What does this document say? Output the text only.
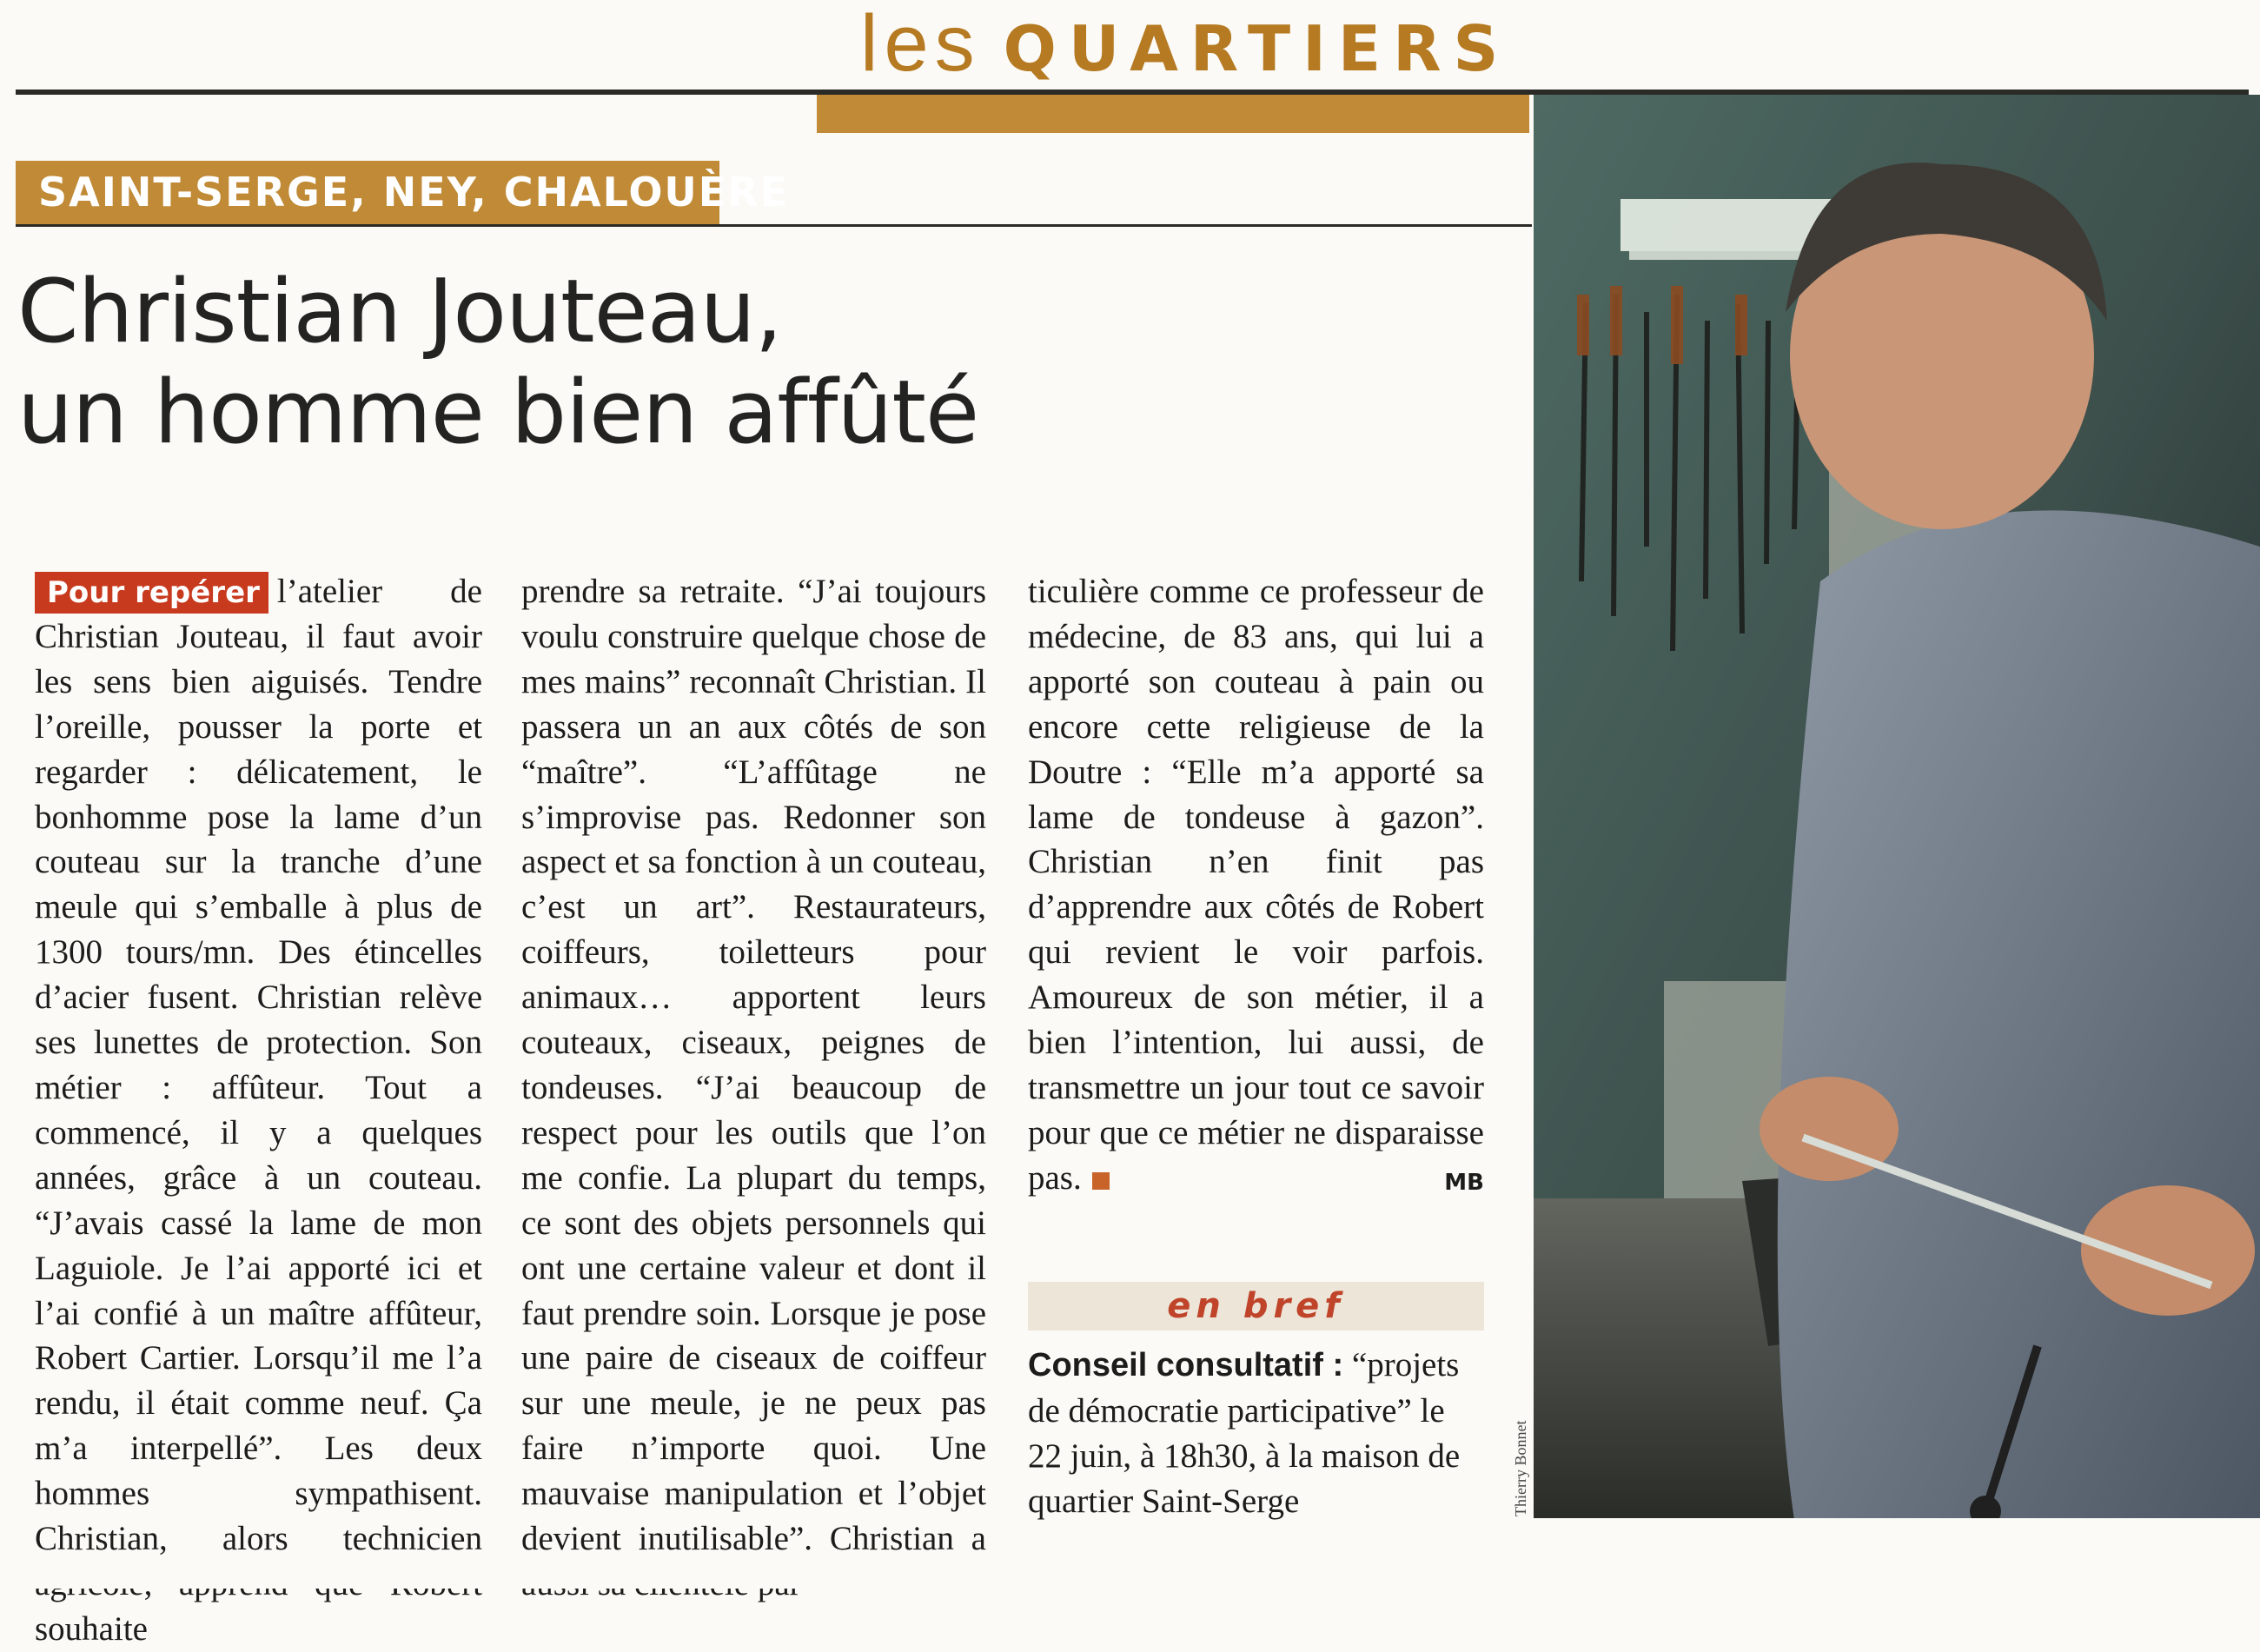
les QUARTIERS
SAINT-SERGE, NEY, CHALOUÈRE
Christian Jouteau,
un homme bien affûté
Pour repérer l’atelier de Christian Jouteau, il faut avoir les sens bien aiguisés. Tendre l’oreille, pousser la porte et regarder : délicatement, le bonhomme pose la lame d’un couteau sur la tranche d’une meule qui s’emballe à plus de 1300 tours/mn. Des étincelles d’acier fusent. Christian relève ses lunettes de protection. Son métier : affûteur. Tout a commencé, il y a quelques années, grâce à un couteau. “J’avais cassé la lame de mon Laguiole. Je l’ai apporté ici et l’ai confié à un maître affûteur, Robert Cartier. Lorsqu’il me l’a rendu, il était comme neuf. Ça m’a interpellé”. Les deux hommes sympathisent. Christian, alors technicien souhaite
prendre sa retraite. “J’ai toujours voulu construire quelque chose de mes mains” reconnaît Christian. Il passera un an aux côtés de son “maître”. “L’affûtage ne s’improvise pas. Redonner son aspect et sa fonction à un couteau, c’est un art”. Restaurateurs, coiffeurs, toiletteurs pour animaux… apportent leurs couteaux, ciseaux, peignes de tondeuses. “J’ai beaucoup de respect pour les outils que l’on me confie. La plupart du temps, ce sont des objets personnels qui ont une certaine valeur et dont il faut prendre soin. Lorsque je pose une paire de ciseaux de coiffeur sur une meule, je ne peux pas faire n’importe quoi. Une mauvaise manipulation et l’objet devient inutilisable”. Christian a
ticulière comme ce professeur de médecine, de 83 ans, qui lui a apporté son couteau à pain ou encore cette religieuse de la Doutre : “Elle m’a apporté sa lame de tondeuse à gazon”. Christian n’en finit pas d’apprendre aux côtés de Robert qui revient le voir parfois. Amoureux de son métier, il a bien l’intention, lui aussi, de transmettre un jour tout ce savoir pour que ce métier ne disparaisse pas.	MB
en bref
Conseil consultatif : “projets de démocratie participative” le 22 juin, à 18h30, à la maison de quartier Saint-Serge	Thierry Bonnet
